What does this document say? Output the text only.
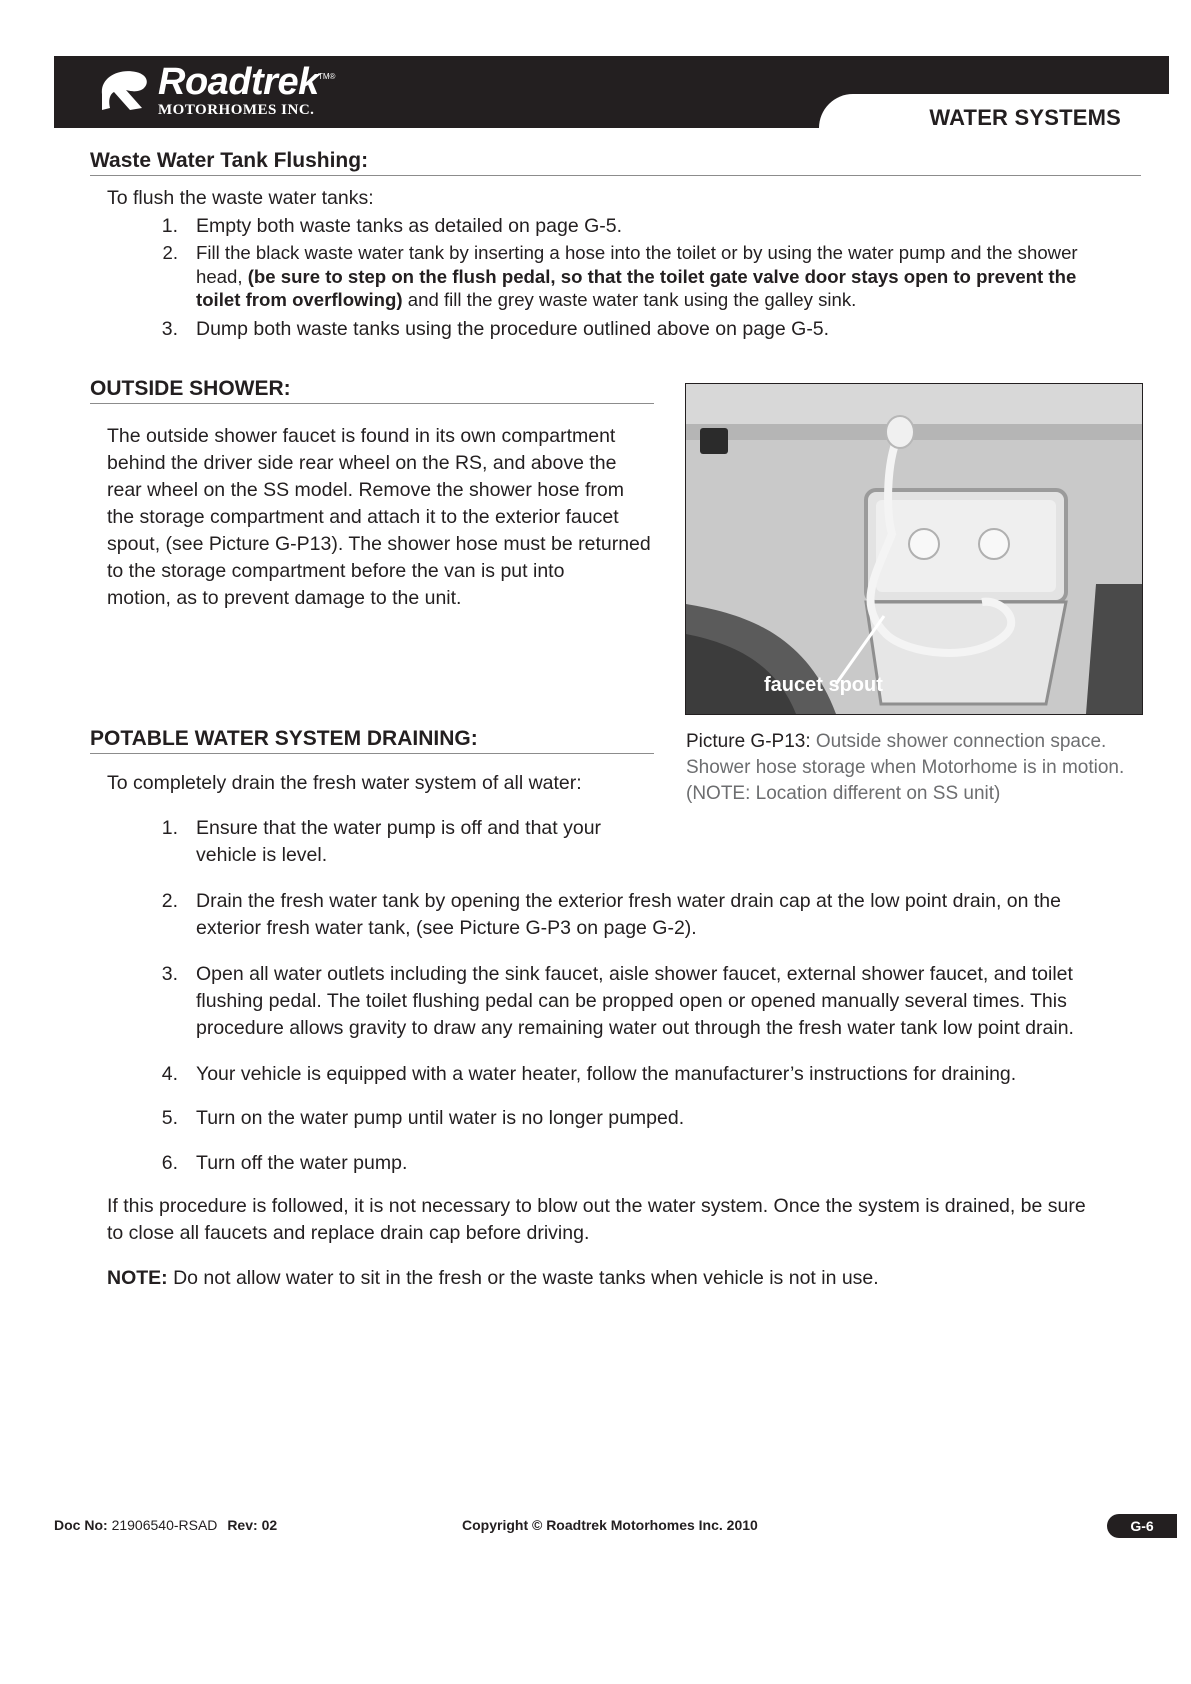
WATER SYSTEMS
Roadtrek TM®
MOTORHOMES INC.
Waste Water Tank Flushing:
To flush the waste water tanks:
1. Empty both waste tanks as detailed on page G-5.
2. Fill the black waste water tank by inserting a hose into the toilet or by using the water pump and the shower
head, (be sure to step on the flush pedal, so that the toilet gate valve door stays open to prevent the
toilet from overflowing) and fill the grey waste water tank using the galley sink.
3. Dump both waste tanks using the procedure outlined above on page G-5.
OUTSIDE SHOWER:
The outside shower faucet is found in its own compartment
behind the driver side rear wheel on the RS, and above the
rear wheel on the SS model. Remove the shower hose from
the storage compartment and attach it to the exterior faucet
spout, (see Picture G-P13). The shower hose must be returned
to the storage compartment before the van is put into
motion, as to prevent damage to the unit.
faucet spout
Picture G-P13: Outside shower connection space.
Shower hose storage when Motorhome is in motion.
(NOTE: Location different on SS unit)
POTABLE WATER SYSTEM DRAINING:
To completely drain the fresh water system of all water:
1. Ensure that the water pump is off and that your
vehicle is level.
2. Drain the fresh water tank by opening the exterior fresh water drain cap at the low point drain, on the
exterior fresh water tank, (see Picture G-P3 on page G-2).
3. Open all water outlets including the sink faucet, aisle shower faucet, external shower faucet, and toilet
flushing pedal. The toilet flushing pedal can be propped open or opened manually several times. This
procedure allows gravity to draw any remaining water out through the fresh water tank low point drain.
4. Your vehicle is equipped with a water heater, follow the manufacturer’s instructions for draining.
5. Turn on the water pump until water is no longer pumped.
6. Turn off the water pump.
If this procedure is followed, it is not necessary to blow out the water system. Once the system is drained, be sure
to close all faucets and replace drain cap before driving.
NOTE: Do not allow water to sit in the fresh or the waste tanks when vehicle is not in use.
Doc No: 21906540-RSAD Rev: 02	Copyright © Roadtrek Motorhomes Inc. 2010	G-6
